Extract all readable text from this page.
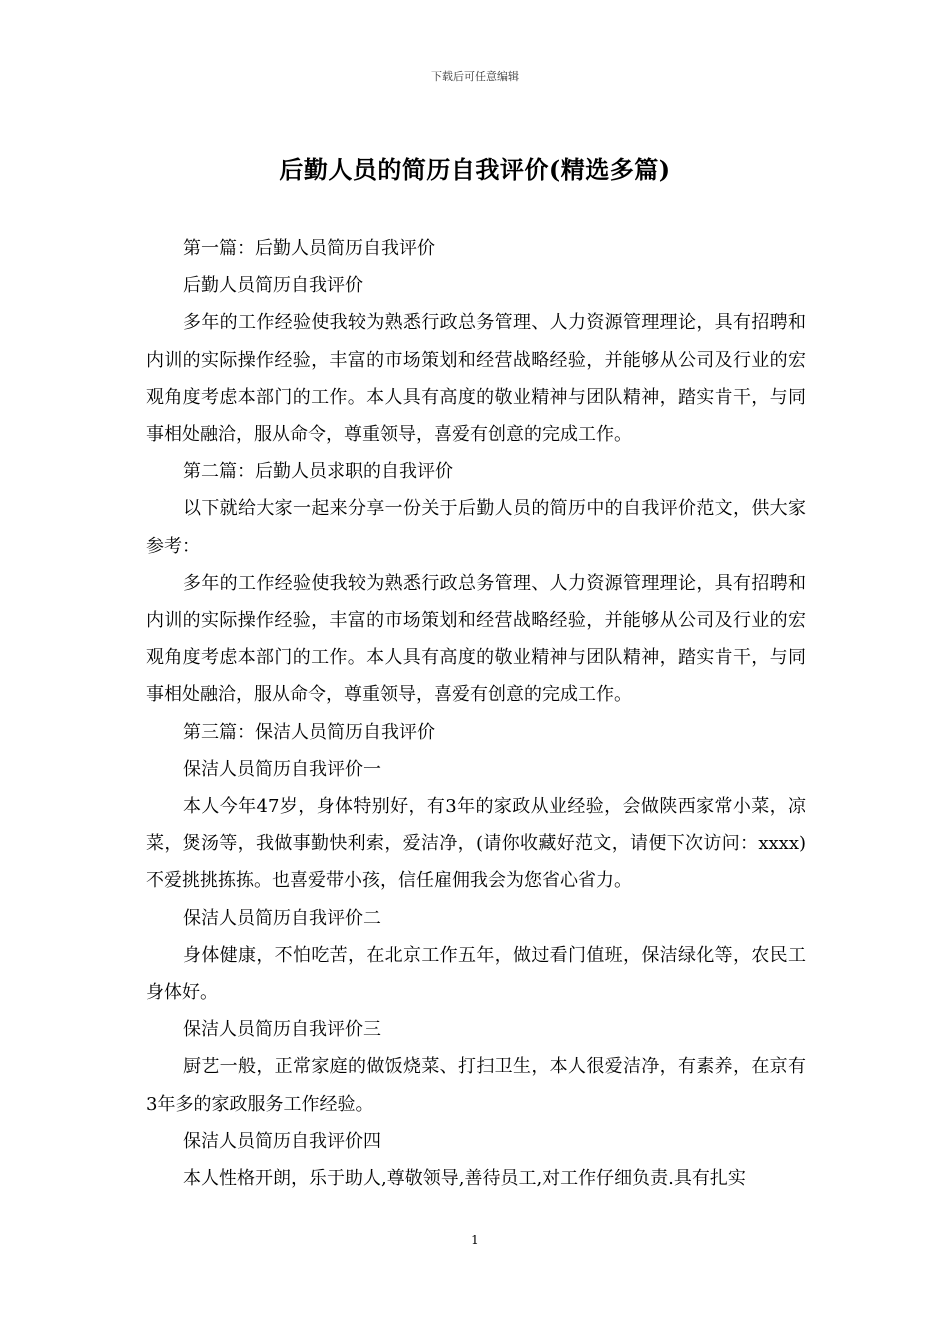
下载后可任意编辑
后勤人员的简历自我评价(精选多篇)

第一篇：后勤人员简历自我评价

后勤人员简历自我评价

多年的工作经验使我较为熟悉行政总务管理、人力资源管理理论，具有招聘和内训的实际操作经验，丰富的市场策划和经营战略经验，并能够从公司及行业的宏观角度考虑本部门的工作。本人具有高度的敬业精神与团队精神，踏实肯干，与同事相处融洽，服从命令，尊重领导，喜爱有创意的完成工作。

第二篇：后勤人员求职的自我评价

以下就给大家一起来分享一份关于后勤人员的简历中的自我评价范文，供大家参考：

多年的工作经验使我较为熟悉行政总务管理、人力资源管理理论，具有招聘和内训的实际操作经验，丰富的市场策划和经营战略经验，并能够从公司及行业的宏观角度考虑本部门的工作。本人具有高度的敬业精神与团队精神，踏实肯干，与同事相处融洽，服从命令，尊重领导，喜爱有创意的完成工作。

第三篇：保洁人员简历自我评价

保洁人员简历自我评价一

本人今年47岁，身体特别好，有3年的家政从业经验，会做陕西家常小菜，凉菜，煲汤等，我做事勤快利索，爱洁净，(请你收藏好范文，请便下次访问：xxxx)不爱挑挑拣拣。也喜爱带小孩，信任雇佣我会为您省心省力。

保洁人员简历自我评价二

身体健康，不怕吃苦，在北京工作五年，做过看门值班，保洁绿化等，农民工身体好。

保洁人员简历自我评价三

厨艺一般，正常家庭的做饭烧菜、打扫卫生，本人很爱洁净，有素养，在京有3年多的家政服务工作经验。

保洁人员简历自我评价四

本人性格开朗，乐于助人,尊敬领导,善待员工,对工作仔细负责.具有扎实

1
